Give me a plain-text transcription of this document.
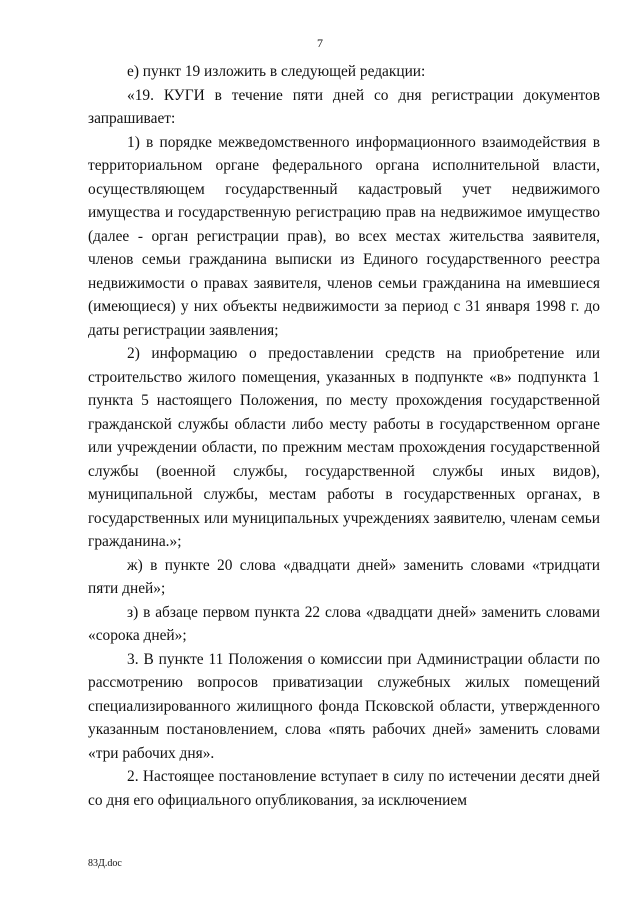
7

е) пункт 19 изложить в следующей редакции:

«19. КУГИ в течение пяти дней со дня регистрации документов запрашивает:

1) в порядке межведомственного информационного взаимодействия в территориальном органе федерального органа исполнительной власти, осуществляющем государственный кадастровый учет недвижимого имущества и государственную регистрацию прав на недвижимое имущество (далее - орган регистрации прав), во всех местах жительства заявителя, членов семьи гражданина выписки из Единого государственного реестра недвижимости о правах заявителя, членов семьи гражданина на имевшиеся (имеющиеся) у них объекты недвижимости за период с 31 января 1998 г. до даты регистрации заявления;

2) информацию о предоставлении средств на приобретение или строительство жилого помещения, указанных в подпункте «в» подпункта 1 пункта 5 настоящего Положения, по месту прохождения государственной гражданской службы области либо месту работы в государственном органе или учреждении области, по прежним местам прохождения государственной службы (военной службы, государственной службы иных видов), муниципальной службы, местам работы в государственных органах, в государственных или муниципальных учреждениях заявителю, членам семьи гражданина.»;

ж) в пункте 20 слова «двадцати дней» заменить словами «тридцати пяти дней»;

з) в абзаце первом пункта 22 слова «двадцати дней» заменить словами «сорока дней»;

3. В пункте 11 Положения о комиссии при Администрации области по рассмотрению вопросов приватизации служебных жилых помещений специализированного жилищного фонда Псковской области, утвержденного указанным постановлением, слова «пять рабочих дней» заменить словами «три рабочих дня».

2. Настоящее постановление вступает в силу по истечении десяти дней со дня его официального опубликования, за исключением

83Д.doc
